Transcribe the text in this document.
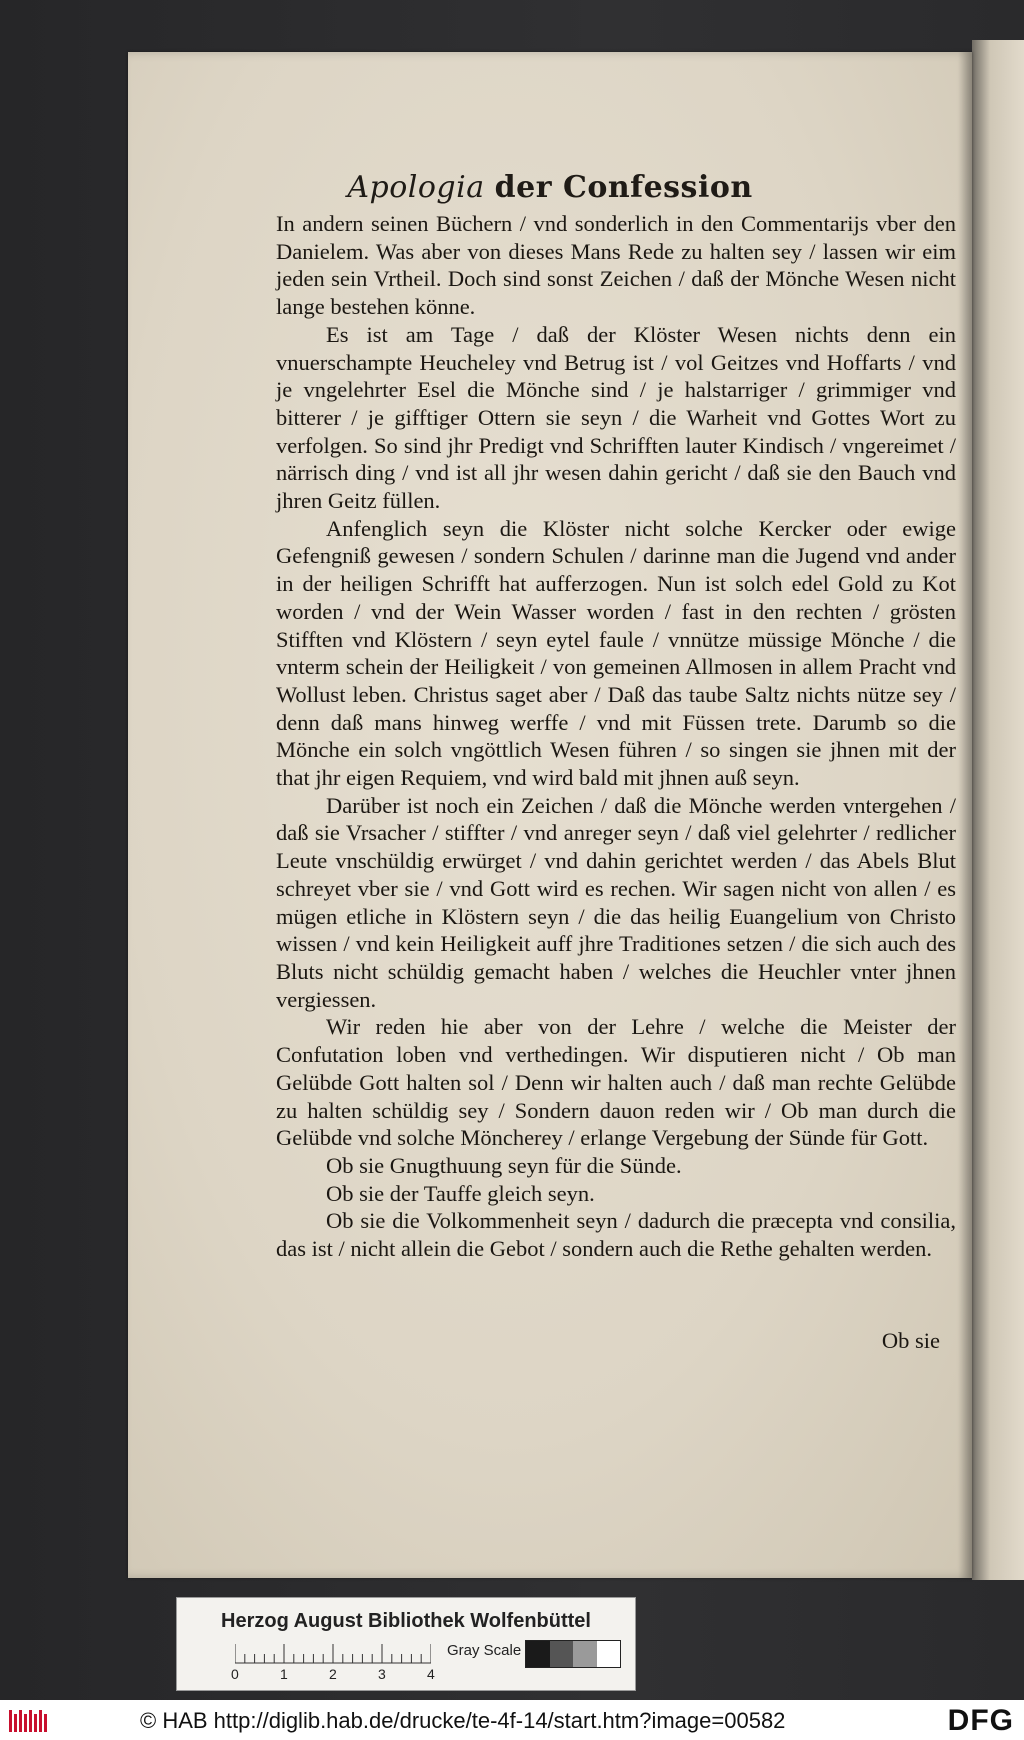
Apologia der Confession

In andern seinen Büchern / vnd sonderlich in den Commentarijs vber den Danielem. Was aber von dieses Mans Rede zu halten sey / lassen wir eim jeden sein Vrtheil. Doch sind sonst Zeichen / daß der Mönche Wesen nicht lange bestehen könne.

Es ist am Tage / daß der Klöster Wesen nichts denn ein vnuerschampte Heucheley vnd Betrug ist / vol Geitzes vnd Hoffarts / vnd je vngelehrter Esel die Mönche sind / je halstarriger / grimmiger vnd bitterer / je gifftiger Ottern sie seyn / die Warheit vnd Gottes Wort zu verfolgen. So sind jhr Predigt vnd Schrifften lauter Kindisch / vngereimet / närrisch ding / vnd ist all jhr wesen dahin gericht / daß sie den Bauch vnd jhren Geitz füllen.

Anfenglich seyn die Klöster nicht solche Kercker oder ewige Gefengniß gewesen / sondern Schulen / darinne man die Jugend vnd ander in der heiligen Schrifft hat aufferzogen. Nun ist solch edel Gold zu Kot worden / vnd der Wein Wasser worden / fast in den rechten / grösten Stifften vnd Klöstern / seyn eytel faule / vnnütze müssige Mönche / die vnterm schein der Heiligkeit / von gemeinen Allmosen in allem Pracht vnd Wollust leben. Christus saget aber / Daß das taube Saltz nichts nütze sey / denn daß mans hinweg werffe / vnd mit Füssen trete. Darumb so die Mönche ein solch vngöttlich Wesen führen / so singen sie jhnen mit der that jhr eigen Requiem, vnd wird bald mit jhnen auß seyn.

Darüber ist noch ein Zeichen / daß die Mönche werden vntergehen / daß sie Vrsacher / stiffter / vnd anreger seyn / daß viel gelehrter / redlicher Leute vnschüldig erwürget / vnd dahin gerichtet werden / das Abels Blut schreyet vber sie / vnd Gott wird es rechen. Wir sagen nicht von allen / es mügen etliche in Klöstern seyn / die das heilig Euangelium von Christo wissen / vnd kein Heiligkeit auff jhre Traditiones setzen / die sich auch des Bluts nicht schüldig gemacht haben / welches die Heuchler vnter jhnen vergiessen.

Wir reden hie aber von der Lehre / welche die Meister der Confutation loben vnd verthedingen. Wir disputieren nicht / Ob man Gelübde Gott halten sol / Denn wir halten auch / daß man rechte Gelübde zu halten schüldig sey / Sondern dauon reden wir / Ob man durch die Gelübde vnd solche Möncherey / erlange Vergebung der Sünde für Gott.

Ob sie Gnugthuung seyn für die Sünde.

Ob sie der Tauffe gleich seyn.

Ob sie die Volkommenheit seyn / dadurch die præcepta vnd consilia, das ist / nicht allein die Gebot / sondern auch die Rethe gehalten werden.

Ob sie
Herzog August Bibliothek Wolfenbüttel
0	1	2	3	4
Gray Scale
© HAB http://diglib.hab.de/drucke/te-4f-14/start.htm?image=00582	DFG
